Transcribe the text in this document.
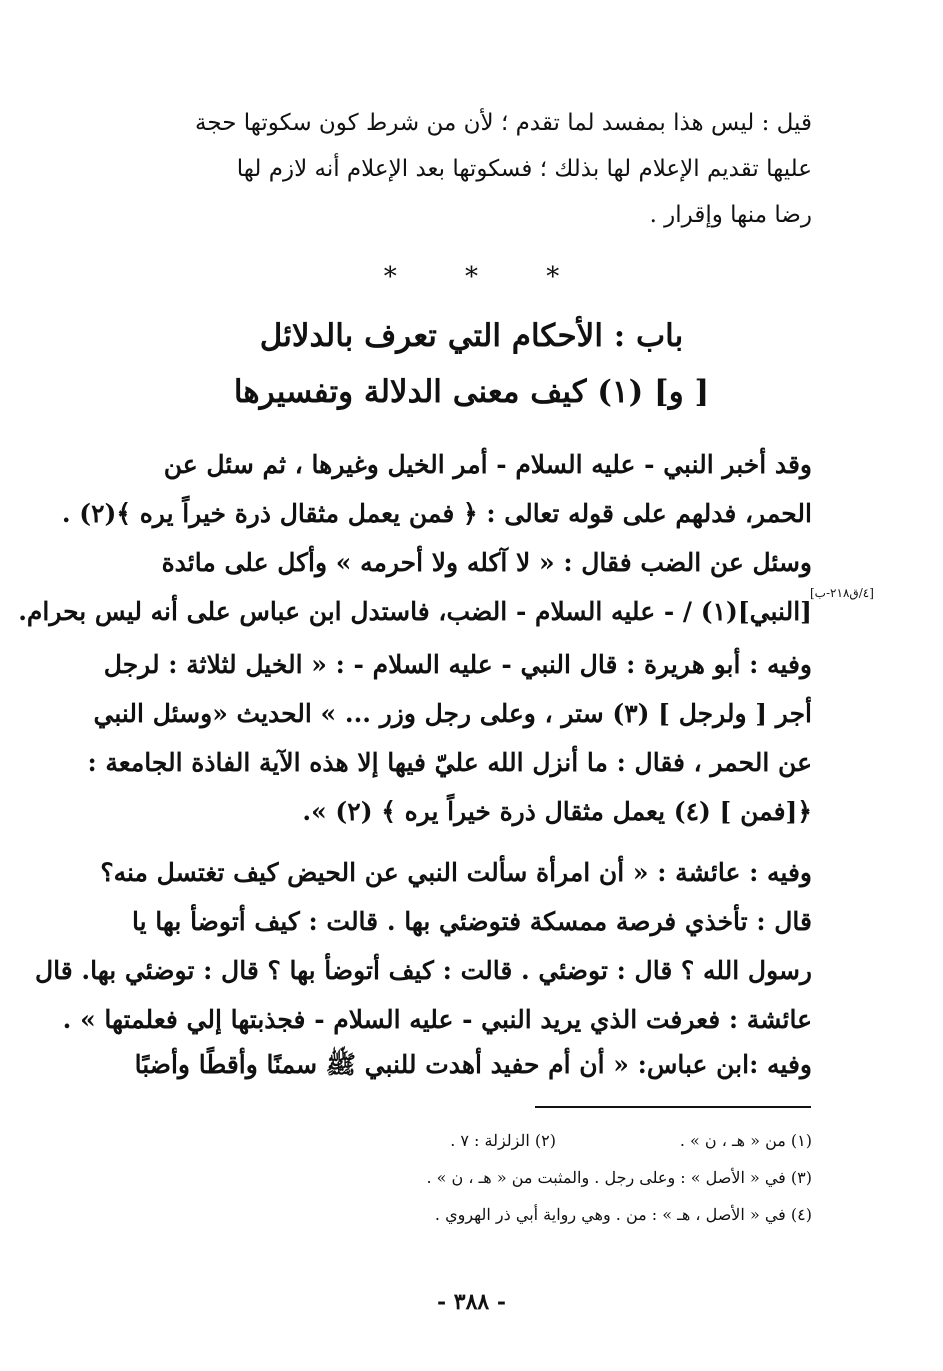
قيل : ليس هذا بمفسد لما تقدم ؛ لأن من شرط كون سكوتها حجة
عليها تقديم الإعلام لها بذلك ؛ فسكوتها بعد الإعلام أنه لازم لها
رضا منها وإقرار .
*	*	*
باب : الأحكام التي تعرف بالدلائل
[ و] (١) كيف معنى الدلالة وتفسيرها
وقد أخبر النبي - عليه السلام - أمر الخيل وغيرها ، ثم سئل عن
الحمر، فدلهم على قوله تعالى : ﴿ فمن يعمل مثقال ذرة خيراً يره ﴾(٢) .
وسئل عن الضب فقال : « لا آكله ولا أحرمه » وأكل على مائدة
[النبي](١) / - عليه السلام - الضب، فاستدل ابن عباس على أنه ليس بحرام.
[٤/ق٢١٨-ب]
وفيه : أبو هريرة : قال النبي - عليه السلام - : « الخيل لثلاثة : لرجل
أجر [ ولرجل ] (٣) ستر ، وعلى رجل وزر ... » الحديث «وسئل النبي
عن الحمر ، فقال : ما أنزل الله عليّ فيها إلا هذه الآية الفاذة الجامعة :
﴿[فمن ] (٤) يعمل مثقال ذرة خيراً يره ﴾ (٢) ».
وفيه : عائشة : « أن امرأة سألت النبي عن الحيض كيف تغتسل منه؟
قال : تأخذي فرصة ممسكة فتوضئي بها . قالت : كيف أتوضأ بها يا
رسول الله ؟ قال : توضئي . قالت : كيف أتوضأ بها ؟ قال : توضئي بها. قال
عائشة : فعرفت الذي يريد النبي - عليه السلام - فجذبتها إلي فعلمتها » .
وفيه :ابن عباس: « أن أم حفيد أهدت للنبي ﷺ سمنًا وأقطًا وأضبًا
(١) من « هـ ، ن » .
(٢) الزلزلة : ٧ .
(٣) في « الأصل » : وعلى رجل . والمثبت من « هـ ، ن » .
(٤) في « الأصل ، هـ » : من . وهي رواية أبي ذر الهروي .
- ٣٨٨ -
